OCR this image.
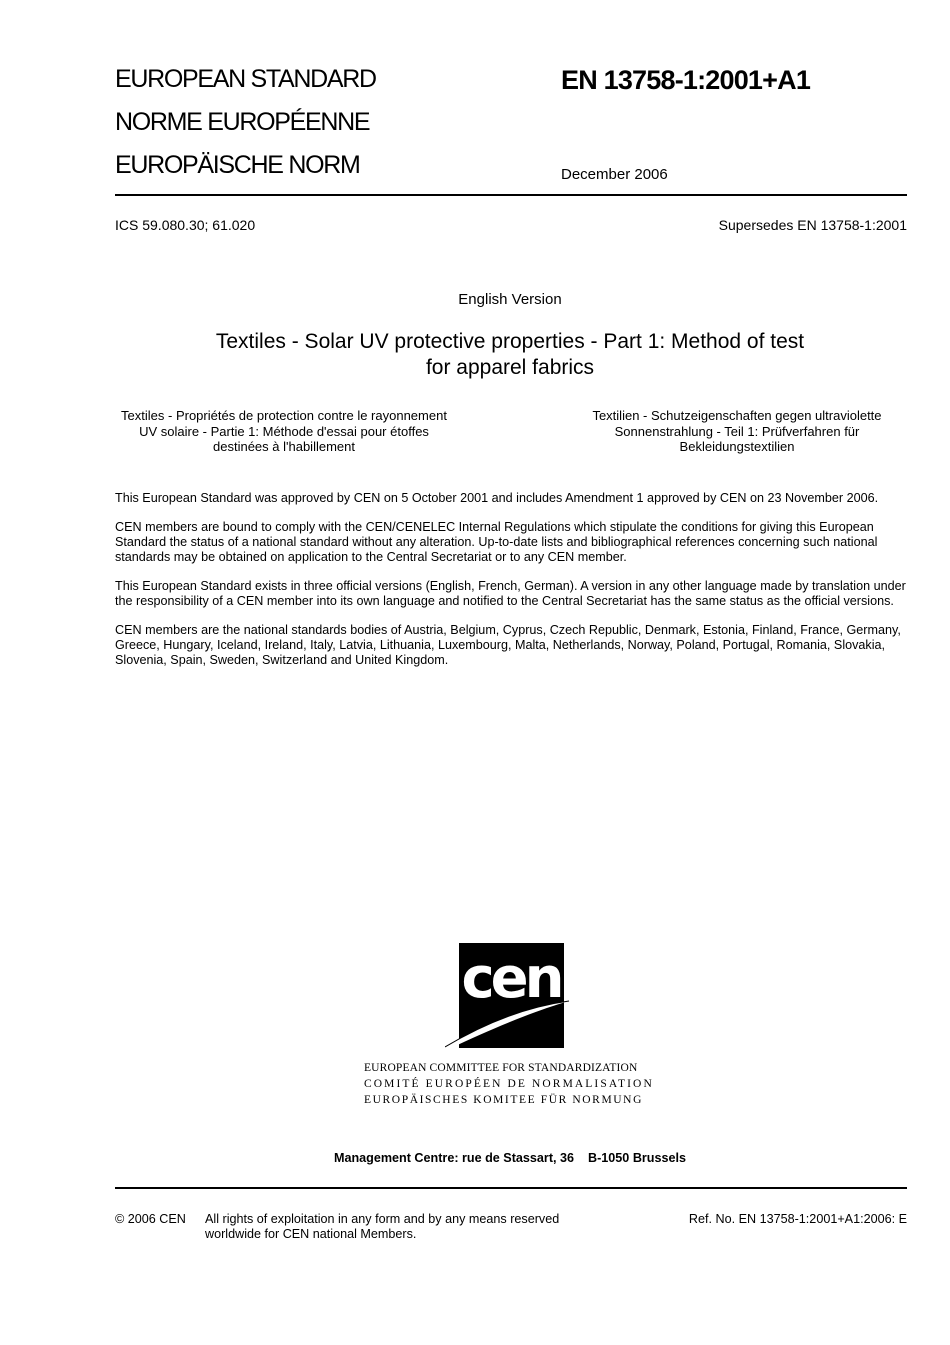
EUROPEAN STANDARD
NORME EUROPÉENNE
EUROPÄISCHE NORM
EN 13758-1:2001+A1
December 2006
ICS 59.080.30; 61.020	Supersedes EN 13758-1:2001
English Version
Textiles - Solar UV protective properties - Part 1: Method of test
for apparel fabrics
Textiles - Propriétés de protection contre le rayonnement
UV solaire - Partie 1: Méthode d'essai pour étoffes
destinées à l'habillement
Textilien - Schutzeigenschaften gegen ultraviolette
Sonnenstrahlung - Teil 1: Prüfverfahren für
Bekleidungstextilien

This European Standard was approved by CEN on 5 October 2001 and includes Amendment 1 approved by CEN on 23 November 2006.

CEN members are bound to comply with the CEN/CENELEC Internal Regulations which stipulate the conditions for giving this European Standard the status of a national standard without any alteration. Up-to-date lists and bibliographical references concerning such national standards may be obtained on application to the Central Secretariat or to any CEN member.

This European Standard exists in three official versions (English, French, German). A version in any other language made by translation under the responsibility of a CEN member into its own language and notified to the Central Secretariat has the same status as the official versions.

CEN members are the national standards bodies of Austria, Belgium, Cyprus, Czech Republic, Denmark, Estonia, Finland, France, Germany, Greece, Hungary, Iceland, Ireland, Italy, Latvia, Lithuania, Luxembourg, Malta, Netherlands, Norway, Poland, Portugal, Romania, Slovakia, Slovenia, Spain, Sweden, Switzerland and United Kingdom.

cen
EUROPEAN COMMITTEE FOR STANDARDIZATION
COMITÉ EUROPÉEN DE NORMALISATION
EUROPÄISCHES KOMITEE FÜR NORMUNG
Management Centre: rue de Stassart, 36    B-1050 Brussels
© 2006 CEN All rights of exploitation in any form and by any means reserved
worldwide for CEN national Members.
Ref. No. EN 13758-1:2001+A1:2006: E
